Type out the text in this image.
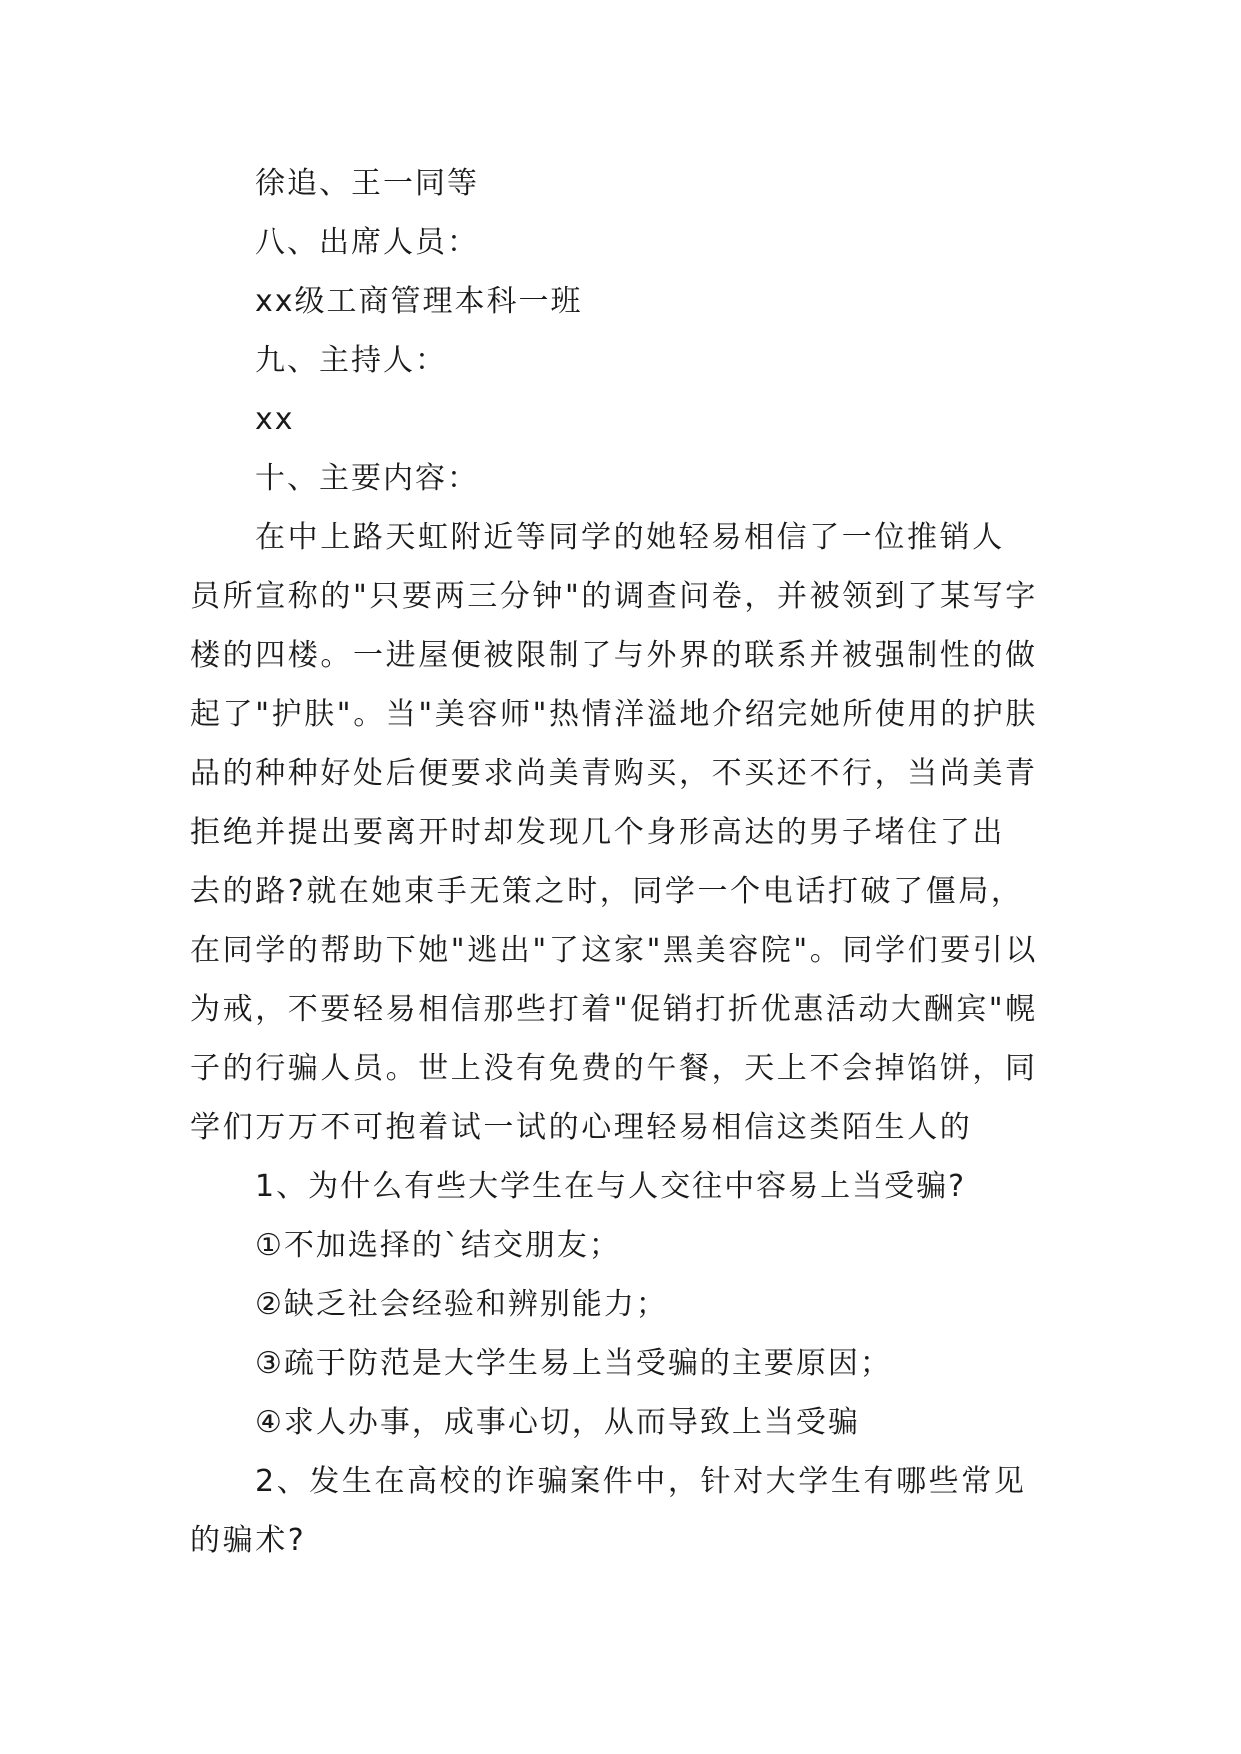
徐追、王一同等
八、出席人员：
xx级工商管理本科一班
九、主持人：
xx
十、主要内容：
在中上路天虹附近等同学的她轻易相信了一位推销人
员所宣称的"只要两三分钟"的调查问卷，并被领到了某写字
楼的四楼。一进屋便被限制了与外界的联系并被强制性的做
起了"护肤"。当"美容师"热情洋溢地介绍完她所使用的护肤
品的种种好处后便要求尚美青购买，不买还不行，当尚美青
拒绝并提出要离开时却发现几个身形高达的男子堵住了出
去的路?就在她束手无策之时，同学一个电话打破了僵局，
在同学的帮助下她"逃出"了这家"黑美容院"。同学们要引以
为戒，不要轻易相信那些打着"促销打折优惠活动大酬宾"幌
子的行骗人员。世上没有免费的午餐，天上不会掉馅饼，同
学们万万不可抱着试一试的心理轻易相信这类陌生人的
1、为什么有些大学生在与人交往中容易上当受骗?
①不加选择的`结交朋友；
②缺乏社会经验和辨别能力；
③疏于防范是大学生易上当受骗的主要原因；
④求人办事，成事心切，从而导致上当受骗
2、发生在高校的诈骗案件中，针对大学生有哪些常见
的骗术?
